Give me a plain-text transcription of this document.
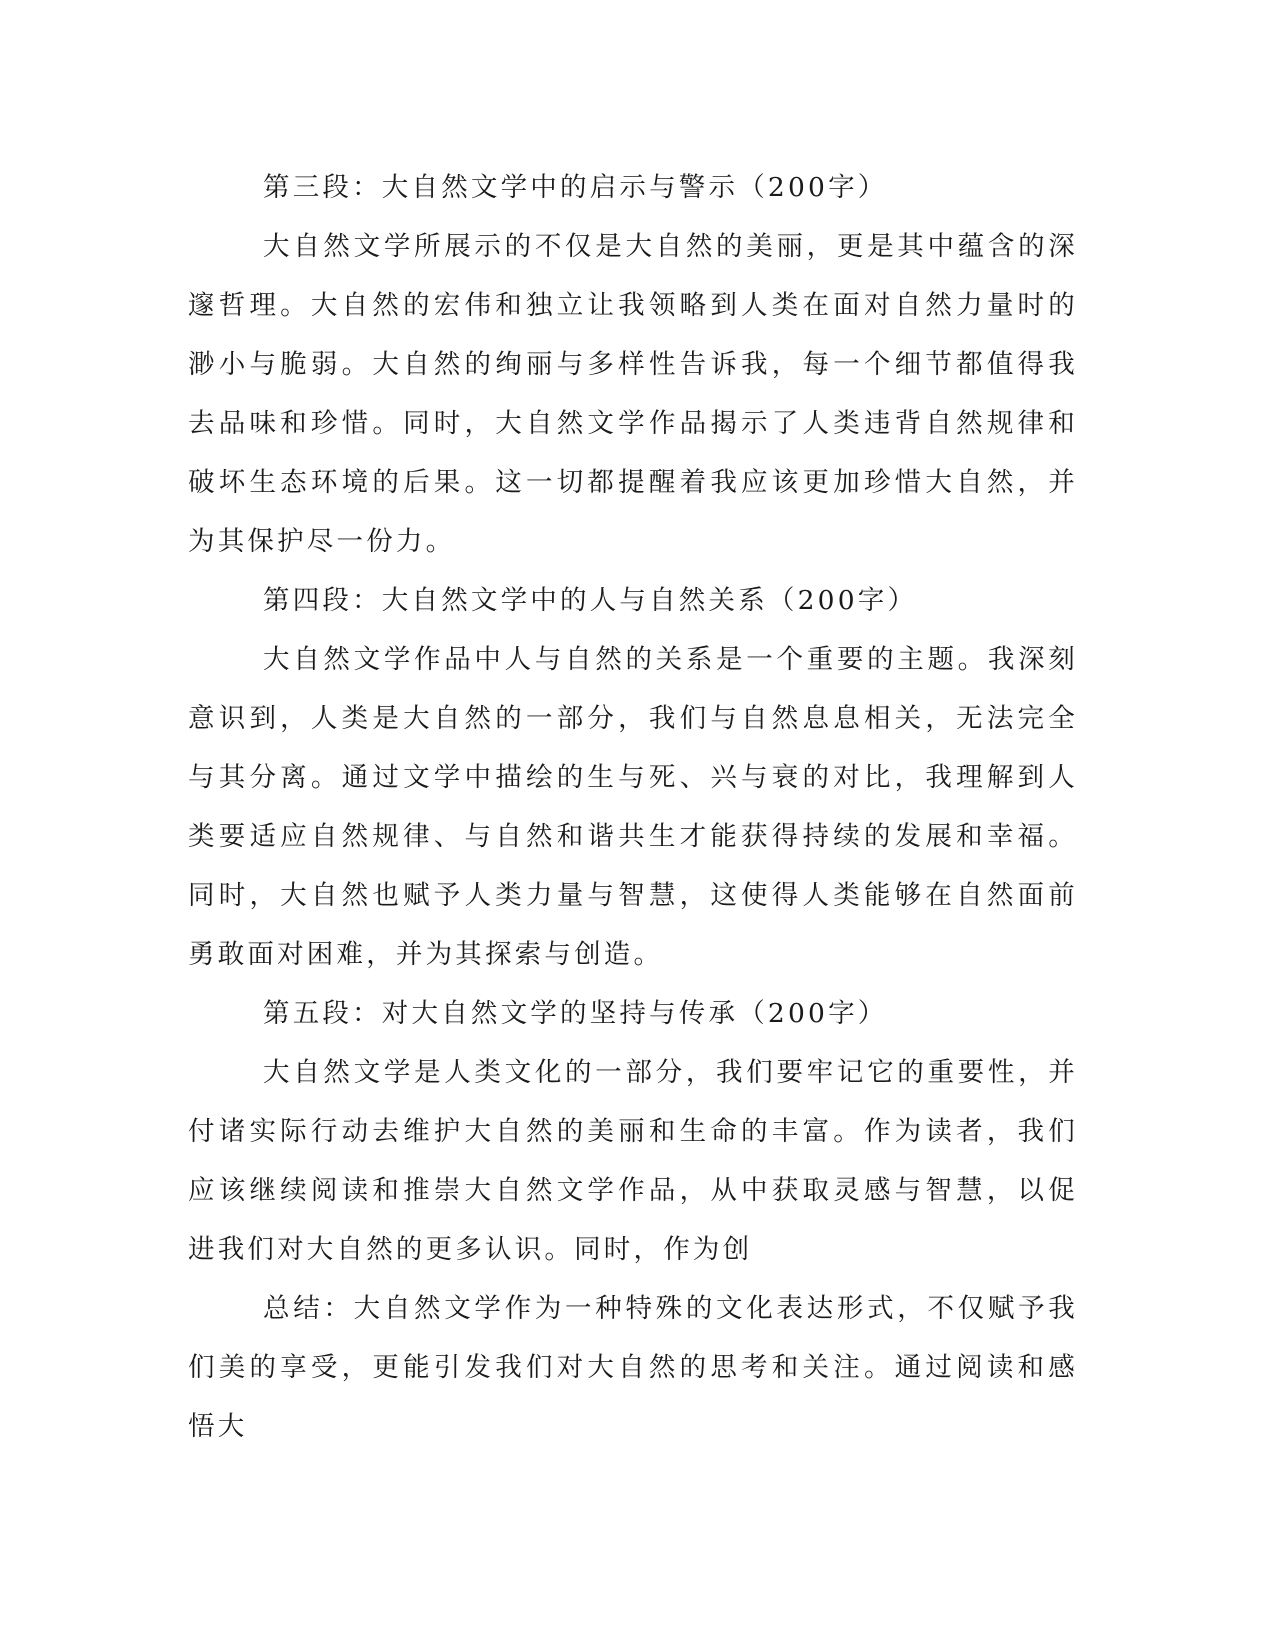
第三段：大自然文学中的启示与警示（200字）

大自然文学所展示的不仅是大自然的美丽，更是其中蕴含的深邃哲理。大自然的宏伟和独立让我领略到人类在面对自然力量时的渺小与脆弱。大自然的绚丽与多样性告诉我，每一个细节都值得我去品味和珍惜。同时，大自然文学作品揭示了人类违背自然规律和破坏生态环境的后果。这一切都提醒着我应该更加珍惜大自然，并为其保护尽一份力。

第四段：大自然文学中的人与自然关系（200字）

大自然文学作品中人与自然的关系是一个重要的主题。我深刻意识到，人类是大自然的一部分，我们与自然息息相关，无法完全与其分离。通过文学中描绘的生与死、兴与衰的对比，我理解到人类要适应自然规律、与自然和谐共生才能获得持续的发展和幸福。同时，大自然也赋予人类力量与智慧，这使得人类能够在自然面前勇敢面对困难，并为其探索与创造。

第五段：对大自然文学的坚持与传承（200字）

大自然文学是人类文化的一部分，我们要牢记它的重要性，并付诸实际行动去维护大自然的美丽和生命的丰富。作为读者，我们应该继续阅读和推崇大自然文学作品，从中获取灵感与智慧，以促进我们对大自然的更多认识。同时，作为创

总结：大自然文学作为一种特殊的文化表达形式，不仅赋予我们美的享受，更能引发我们对大自然的思考和关注。通过阅读和感悟大
